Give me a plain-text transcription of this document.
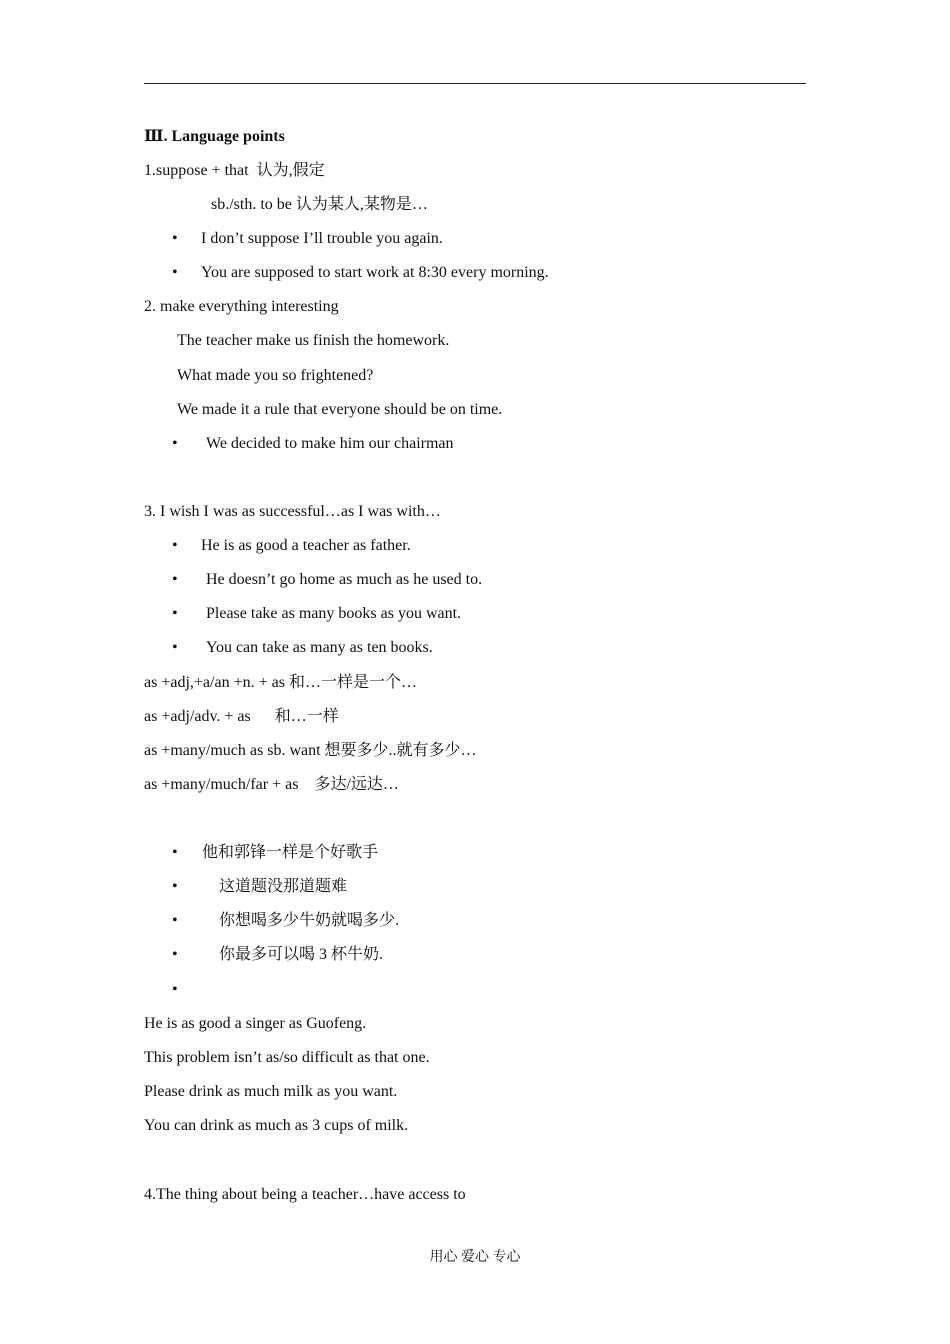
Ⅲ. Language points
1.suppose + that  认为,假定
sb./sth. to be 认为某人,某物是…
• I don’t suppose I’ll trouble you again.
• You are supposed to start work at 8:30 every morning.
2. make everything interesting
The teacher make us finish the homework.
What made you so frightened?
We made it a rule that everyone should be on time.
• We decided to make him our chairman
3. I wish I was as successful…as I was with…
• He is as good a teacher as father.
• He doesn’t go home as much as he used to.
• Please take as many books as you want.
• You can take as many as ten books.
as +adj,+a/an +n. + as 和…一样是一个…
as +adj/adv. + as      和…一样
as +many/much as sb. want 想要多少..就有多少…
as +many/much/far + as    多达/远达…
• 他和郭锋一样是个好歌手
•	这道题没那道题难
•	你想喝多少牛奶就喝多少.
•	你最多可以喝 3 杯牛奶.
•
He is as good a singer as Guofeng.
This problem isn’t as/so difficult as that one.
Please drink as much milk as you want.
You can drink as much as 3 cups of milk.
4.The thing about being a teacher…have access to
用心 爱心 专心
